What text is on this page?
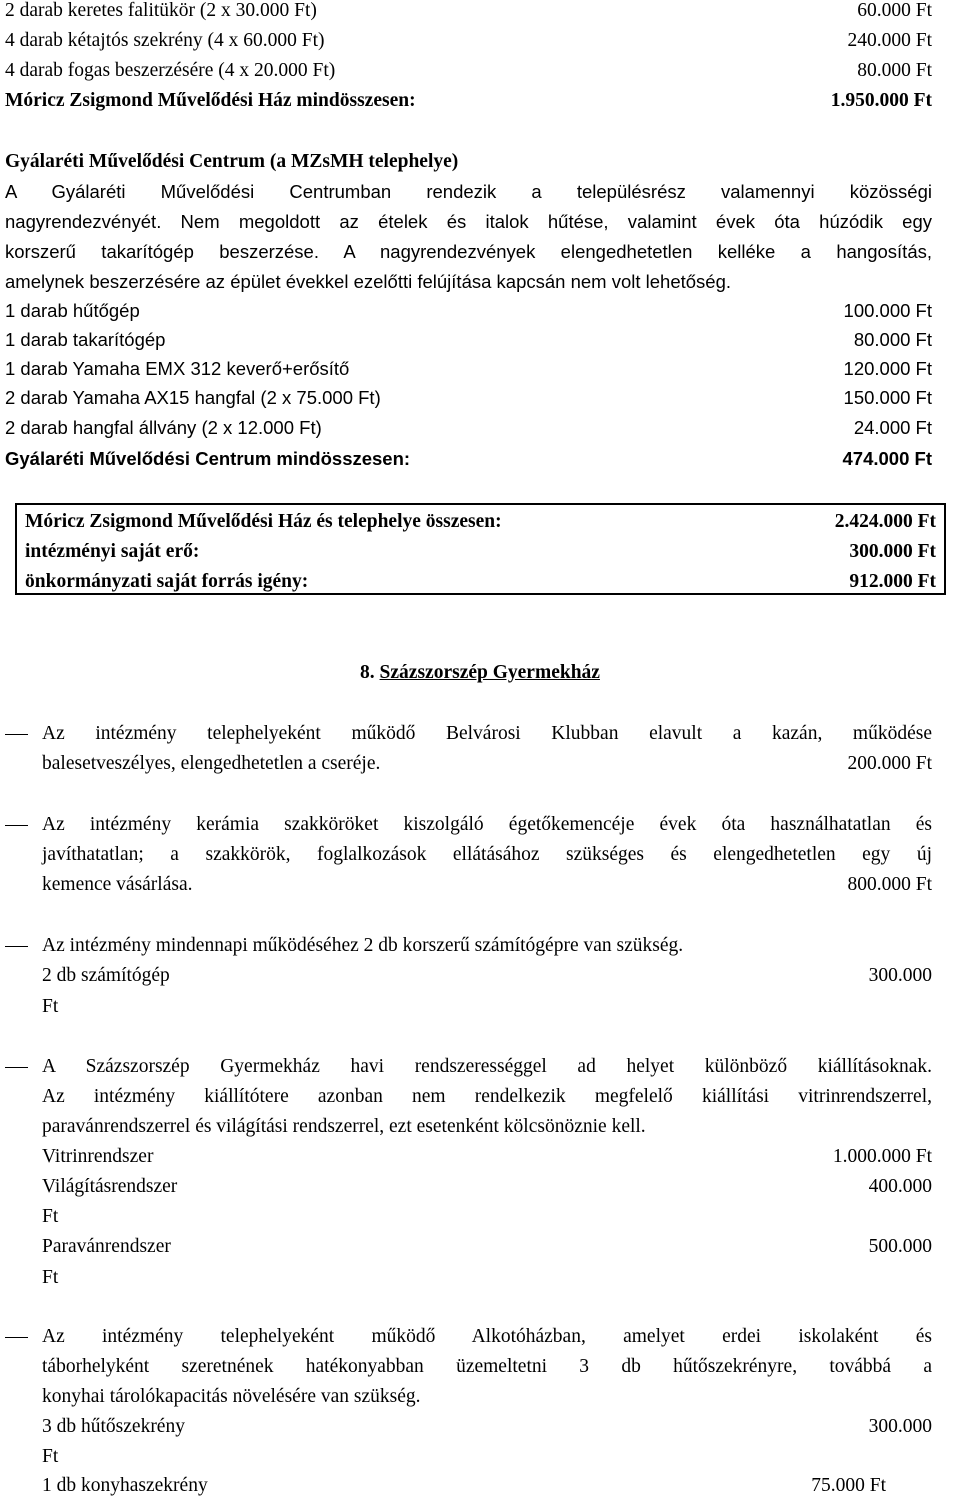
2 darab keretes falitükör (2 x 30.000 Ft)	60.000 Ft
4 darab kétajtós szekrény (4 x 60.000 Ft)	240.000 Ft
4 darab fogas beszerzésére (4 x 20.000 Ft)	80.000 Ft
Móricz Zsigmond Művelődési Ház mindösszesen:	1.950.000 Ft
Gyálaréti Művelődési Centrum (a MZsMH telephelye)
A Gyálaréti Művelődési Centrumban rendezik a településrész valamennyi közösségi
nagyrendezvényét. Nem megoldott az ételek és italok hűtése, valamint évek óta húzódik egy
korszerű takarítógép beszerzése. A nagyrendezvények elengedhetetlen kelléke a hangosítás,
amelynek beszerzésére az épület évekkel ezelőtti felújítása kapcsán nem volt lehetőség.
1 darab hűtőgép	100.000 Ft
1 darab takarítógép	80.000 Ft
1 darab Yamaha EMX 312 keverő+erősítő	120.000 Ft
2 darab Yamaha AX15 hangfal (2 x 75.000 Ft)	150.000 Ft
2 darab hangfal állvány (2 x 12.000 Ft)	24.000 Ft
Gyálaréti Művelődési Centrum mindösszesen:	474.000 Ft
Móricz Zsigmond Művelődési Ház és telephelye összesen:	2.424.000 Ft
intézményi saját erő:	300.000 Ft
önkormányzati saját forrás igény:	912.000 Ft
8. Százszorszép Gyermekház
Az intézmény telephelyeként működő Belvárosi Klubban elavult a kazán, működése
balesetveszélyes, elengedhetetlen a cseréje.	200.000 Ft
Az intézmény kerámia szakköröket kiszolgáló égetőkemencéje évek óta használhatatlan és
javíthatatlan; a szakkörök, foglalkozások ellátásához szükséges és elengedhetetlen egy új
kemence vásárlása.	800.000 Ft
Az intézmény mindennapi működéséhez 2 db korszerű számítógépre van szükség.
2 db számítógép	300.000
Ft
A Százszorszép Gyermekház havi rendszerességgel ad helyet különböző kiállításoknak.
Az intézmény kiállítótere azonban nem rendelkezik megfelelő kiállítási vitrinrendszerrel,
paravánrendszerrel és világítási rendszerrel, ezt esetenként kölcsönöznie kell.
Vitrinrendszer	1.000.000 Ft
Világításrendszer	400.000
Ft
Paravánrendszer	500.000
Ft
Az intézmény telephelyeként működő Alkotóházban, amelyet erdei iskolaként és
táborhelyként szeretnének hatékonyabban üzemeltetni 3 db hűtőszekrényre, továbbá a
konyhai tárolókapacitás növelésére van szükség.
3 db hűtőszekrény	300.000
Ft
1 db konyhaszekrény	75.000 Ft
